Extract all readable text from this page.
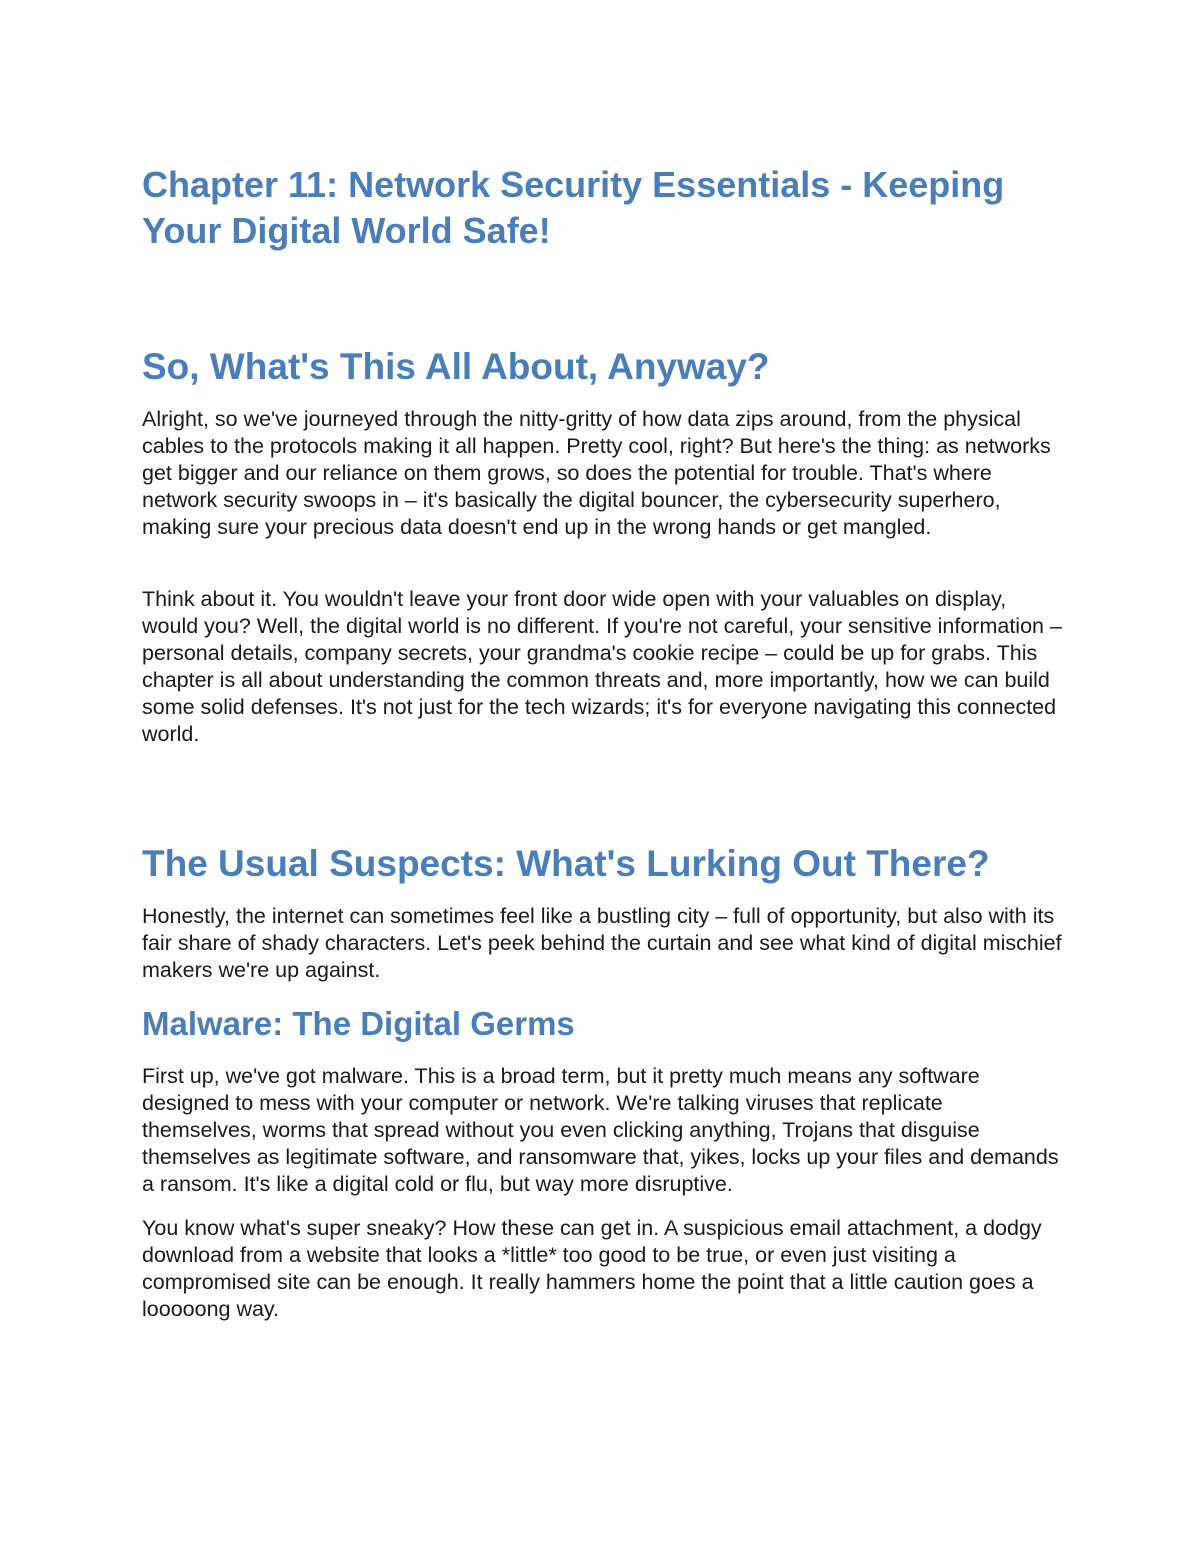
Chapter 11: Network Security Essentials - Keeping Your Digital World Safe!
So, What's This All About, Anyway?

Alright, so we've journeyed through the nitty-gritty of how data zips around, from the physical cables to the protocols making it all happen. Pretty cool, right? But here's the thing: as networks get bigger and our reliance on them grows, so does the potential for trouble. That's where network security swoops in – it's basically the digital bouncer, the cybersecurity superhero, making sure your precious data doesn't end up in the wrong hands or get mangled.

Think about it. You wouldn't leave your front door wide open with your valuables on display, would you? Well, the digital world is no different. If you're not careful, your sensitive information – personal details, company secrets, your grandma's cookie recipe – could be up for grabs. This chapter is all about understanding the common threats and, more importantly, how we can build some solid defenses. It's not just for the tech wizards; it's for everyone navigating this connected world.

The Usual Suspects: What's Lurking Out There?

Honestly, the internet can sometimes feel like a bustling city – full of opportunity, but also with its fair share of shady characters. Let's peek behind the curtain and see what kind of digital mischief makers we're up against.

Malware: The Digital Germs

First up, we've got malware. This is a broad term, but it pretty much means any software designed to mess with your computer or network. We're talking viruses that replicate themselves, worms that spread without you even clicking anything, Trojans that disguise themselves as legitimate software, and ransomware that, yikes, locks up your files and demands a ransom. It's like a digital cold or flu, but way more disruptive.

You know what's super sneaky? How these can get in. A suspicious email attachment, a dodgy download from a website that looks a *little* too good to be true, or even just visiting a compromised site can be enough. It really hammers home the point that a little caution goes a looooong way.
